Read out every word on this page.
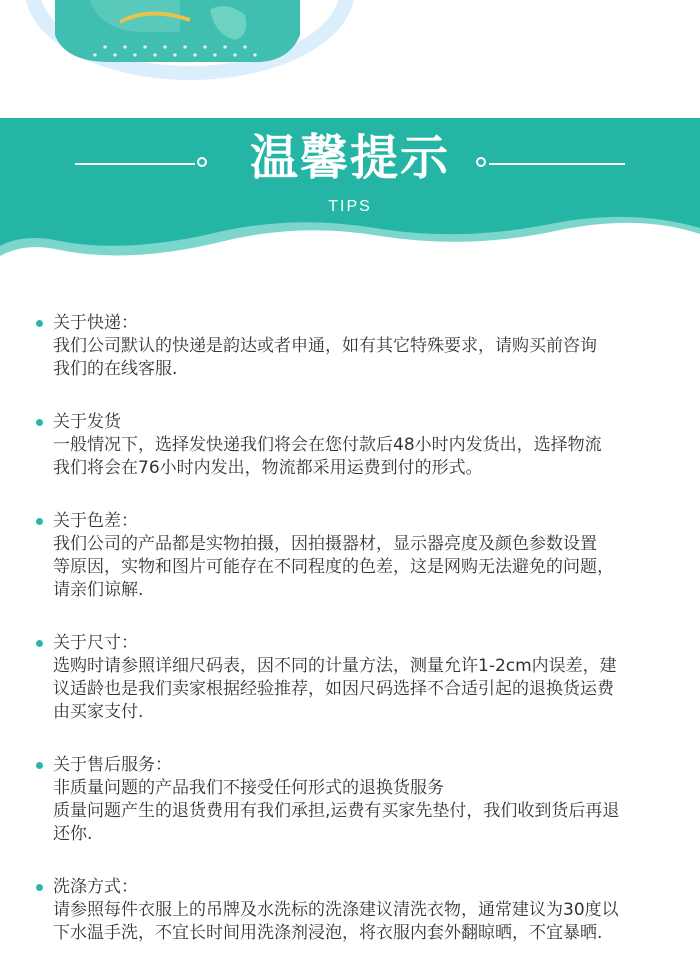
温馨提示
TIPS
关于快递：
我们公司默认的快递是韵达或者申通，如有其它特殊要求，请购买前咨询
我们的在线客服.
关于发货
一般情况下，选择发快递我们将会在您付款后48小时内发货出，选择物流
我们将会在76小时内发出，物流都采用运费到付的形式。
关于色差：
我们公司的产品都是实物拍摄，因拍摄器材，显示器亮度及颜色参数设置
等原因，实物和图片可能存在不同程度的色差，这是网购无法避免的问题，
请亲们谅解.
关于尺寸：
选购时请参照详细尺码表，因不同的计量方法，测量允许1-2cm内误差，建
议适龄也是我们卖家根据经验推荐，如因尺码选择不合适引起的退换货运费
由买家支付.
关于售后服务：
非质量问题的产品我们不接受任何形式的退换货服务
质量问题产生的退货费用有我们承担,运费有买家先垫付，我们收到货后再退
还你.
洗涤方式：
请参照每件衣服上的吊牌及水洗标的洗涤建议清洗衣物，通常建议为30度以
下水温手洗，不宜长时间用洗涤剂浸泡，将衣服内套外翻晾晒，不宜暴晒.
